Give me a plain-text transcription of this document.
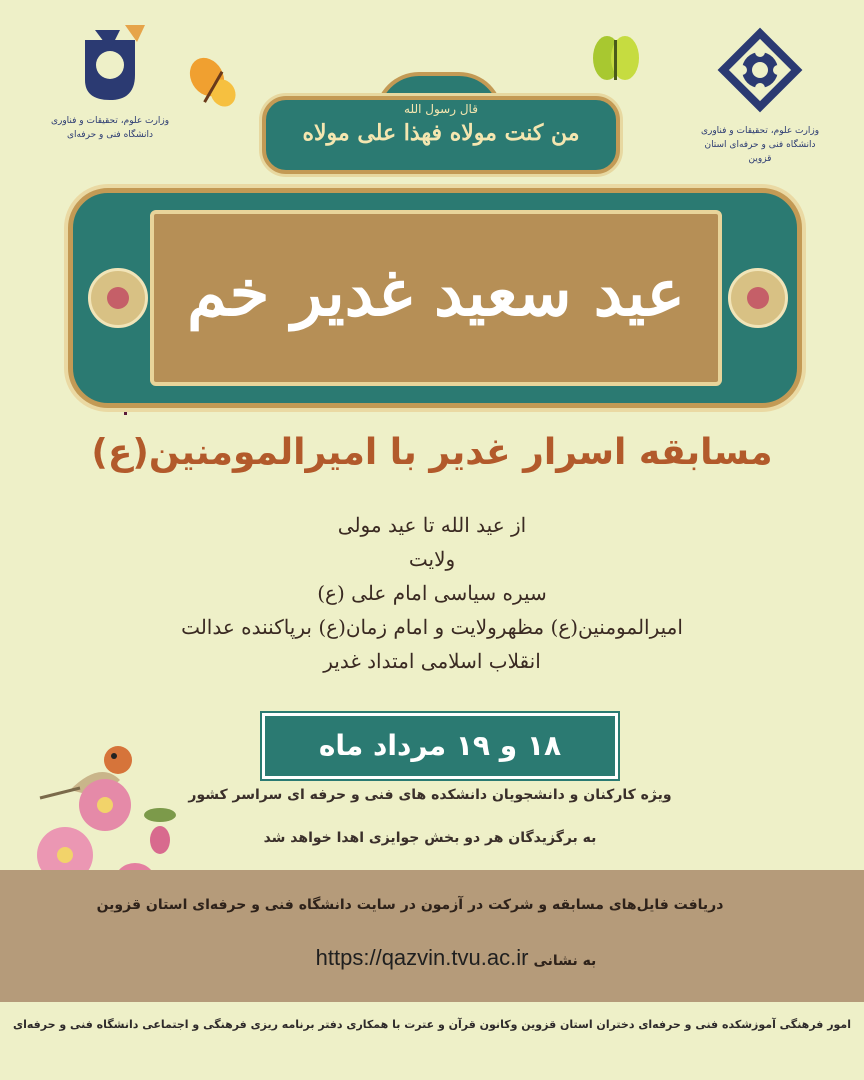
وزارت علوم، تحقیقات و فناوری
دانشگاه فنی و حرفه‌ای	وزارت علوم، تحقیقات و فناوری
دانشگاه فنی و حرفه‌ای استان قزوین
قال رسول الله
من کنت مولاه فهذا علی مولاه
عید سعید غدیر خم
مسابقه اسرار غدیر با امیرالمومنین(ع)
از عید الله تا عید مولی
ولایت
سیره سیاسی امام علی (ع)
امیرالمومنین(ع) مظهرولایت و امام زمان(ع) برپاکننده عدالت
انقلاب اسلامی امتداد غدیر
۱۸ و ۱۹ مرداد ماه
ویژه کارکنان و دانشجویان دانشکده های فنی و حرفه ای سراسر کشور
به برگزیدگان هر دو بخش جوایزی اهدا خواهد شد
دریافت فایل‌های مسابقه و شرکت در آزمون در سایت دانشگاه فنی و حرفه‌ای استان قزوین
به نشانی https://qazvin.tvu.ac.ir
امور فرهنگی آموزشکده فنی و حرفه‌ای دختران استان قزوین وکانون قرآن و عترت با همکاری دفتر برنامه ریزی فرهنگی و اجتماعی دانشگاه فنی و حرفه‌ای
